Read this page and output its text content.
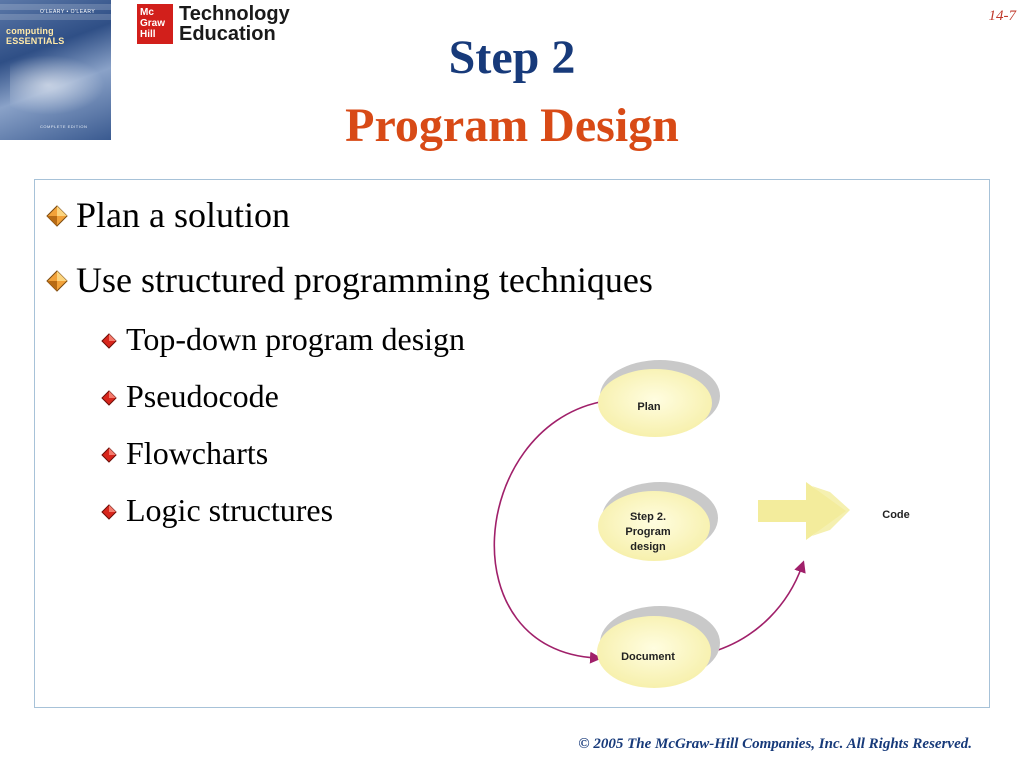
O'LEARY • O'LEARY
computing ESSENTIALS
COMPLETE EDITION
Mc
Graw
Hill
Technology
Education
14-7
Step 2
Program Design
Plan a solution
Use structured programming techniques
Top-down program design
Pseudocode
Flowcharts
Logic structures
Plan
Step 2.
Program
design
Document
Code
© 2005 The McGraw-Hill Companies, Inc. All Rights Reserved.
